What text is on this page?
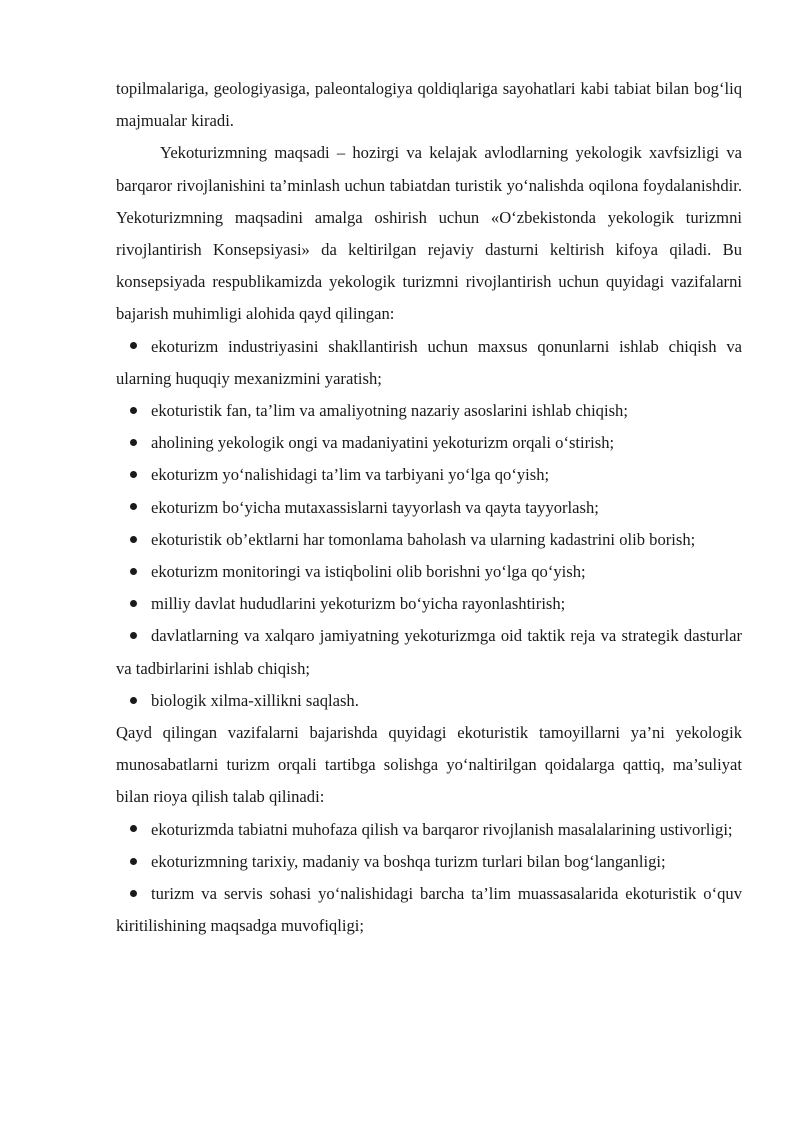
topilmalariga, geologiyasiga, paleontalogiya qoldiqlariga sayohatlari kabi tabiat bilan bog‘liq majmualar kiradi.

Yekoturizmning maqsadi – hozirgi va kelajak avlodlarning yekologik xavfsizligi va barqaror rivojlanishini ta’minlash uchun tabiatdan turistik yo‘nalishda oqilona foydalanishdir. Yekoturizmning maqsadini amalga oshirish uchun «O‘zbekistonda yekologik turizmni rivojlantirish Konsepsiyasi» da keltirilgan rejaviy dasturni keltirish kifoya qiladi. Bu konsepsiyada respublikamizda yekologik turizmni rivojlantirish uchun quyidagi vazifalarni bajarish muhimligi alohida qayd qilingan:

ekoturizm industriyasini shakllantirish uchun maxsus qonunlarni ishlab chiqish va ularning huquqiy mexanizmini yaratish;

ekoturistik fan, ta’lim va amaliyotning nazariy asoslarini ishlab chiqish;

aholining yekologik ongi va madaniyatini yekoturizm orqali o‘stirish;

ekoturizm yo‘nalishidagi ta’lim va tarbiyani yo‘lga qo‘yish;

ekoturizm bo‘yicha mutaxassislarni tayyorlash va qayta tayyorlash;

ekoturistik ob’ektlarni har tomonlama baholash va ularning kadastrini olib borish;

ekoturizm monitoringi va istiqbolini olib borishni yo‘lga qo‘yish;

milliy davlat hududlarini yekoturizm bo‘yicha rayonlashtirish;

davlatlarning va xalqaro jamiyatning yekoturizmga oid taktik reja va strategik dasturlar va tadbirlarini ishlab chiqish;

biologik xilma-xillikni saqlash.

Qayd qilingan vazifalarni bajarishda quyidagi ekoturistik tamoyillarni ya’ni yekologik munosabatlarni turizm orqali tartibga solishga yo‘naltirilgan qoidalarga qattiq, ma’suliyat bilan rioya qilish talab qilinadi:

ekoturizmda tabiatni muhofaza qilish va barqaror rivojlanish masalalarining ustivorligi;

ekoturizmning tarixiy, madaniy va boshqa turizm turlari bilan bog‘langanligi;

turizm va servis sohasi yo‘nalishidagi barcha ta’lim muassasalarida ekoturistik o‘quv kiritilishining maqsadga muvofiqligi;
